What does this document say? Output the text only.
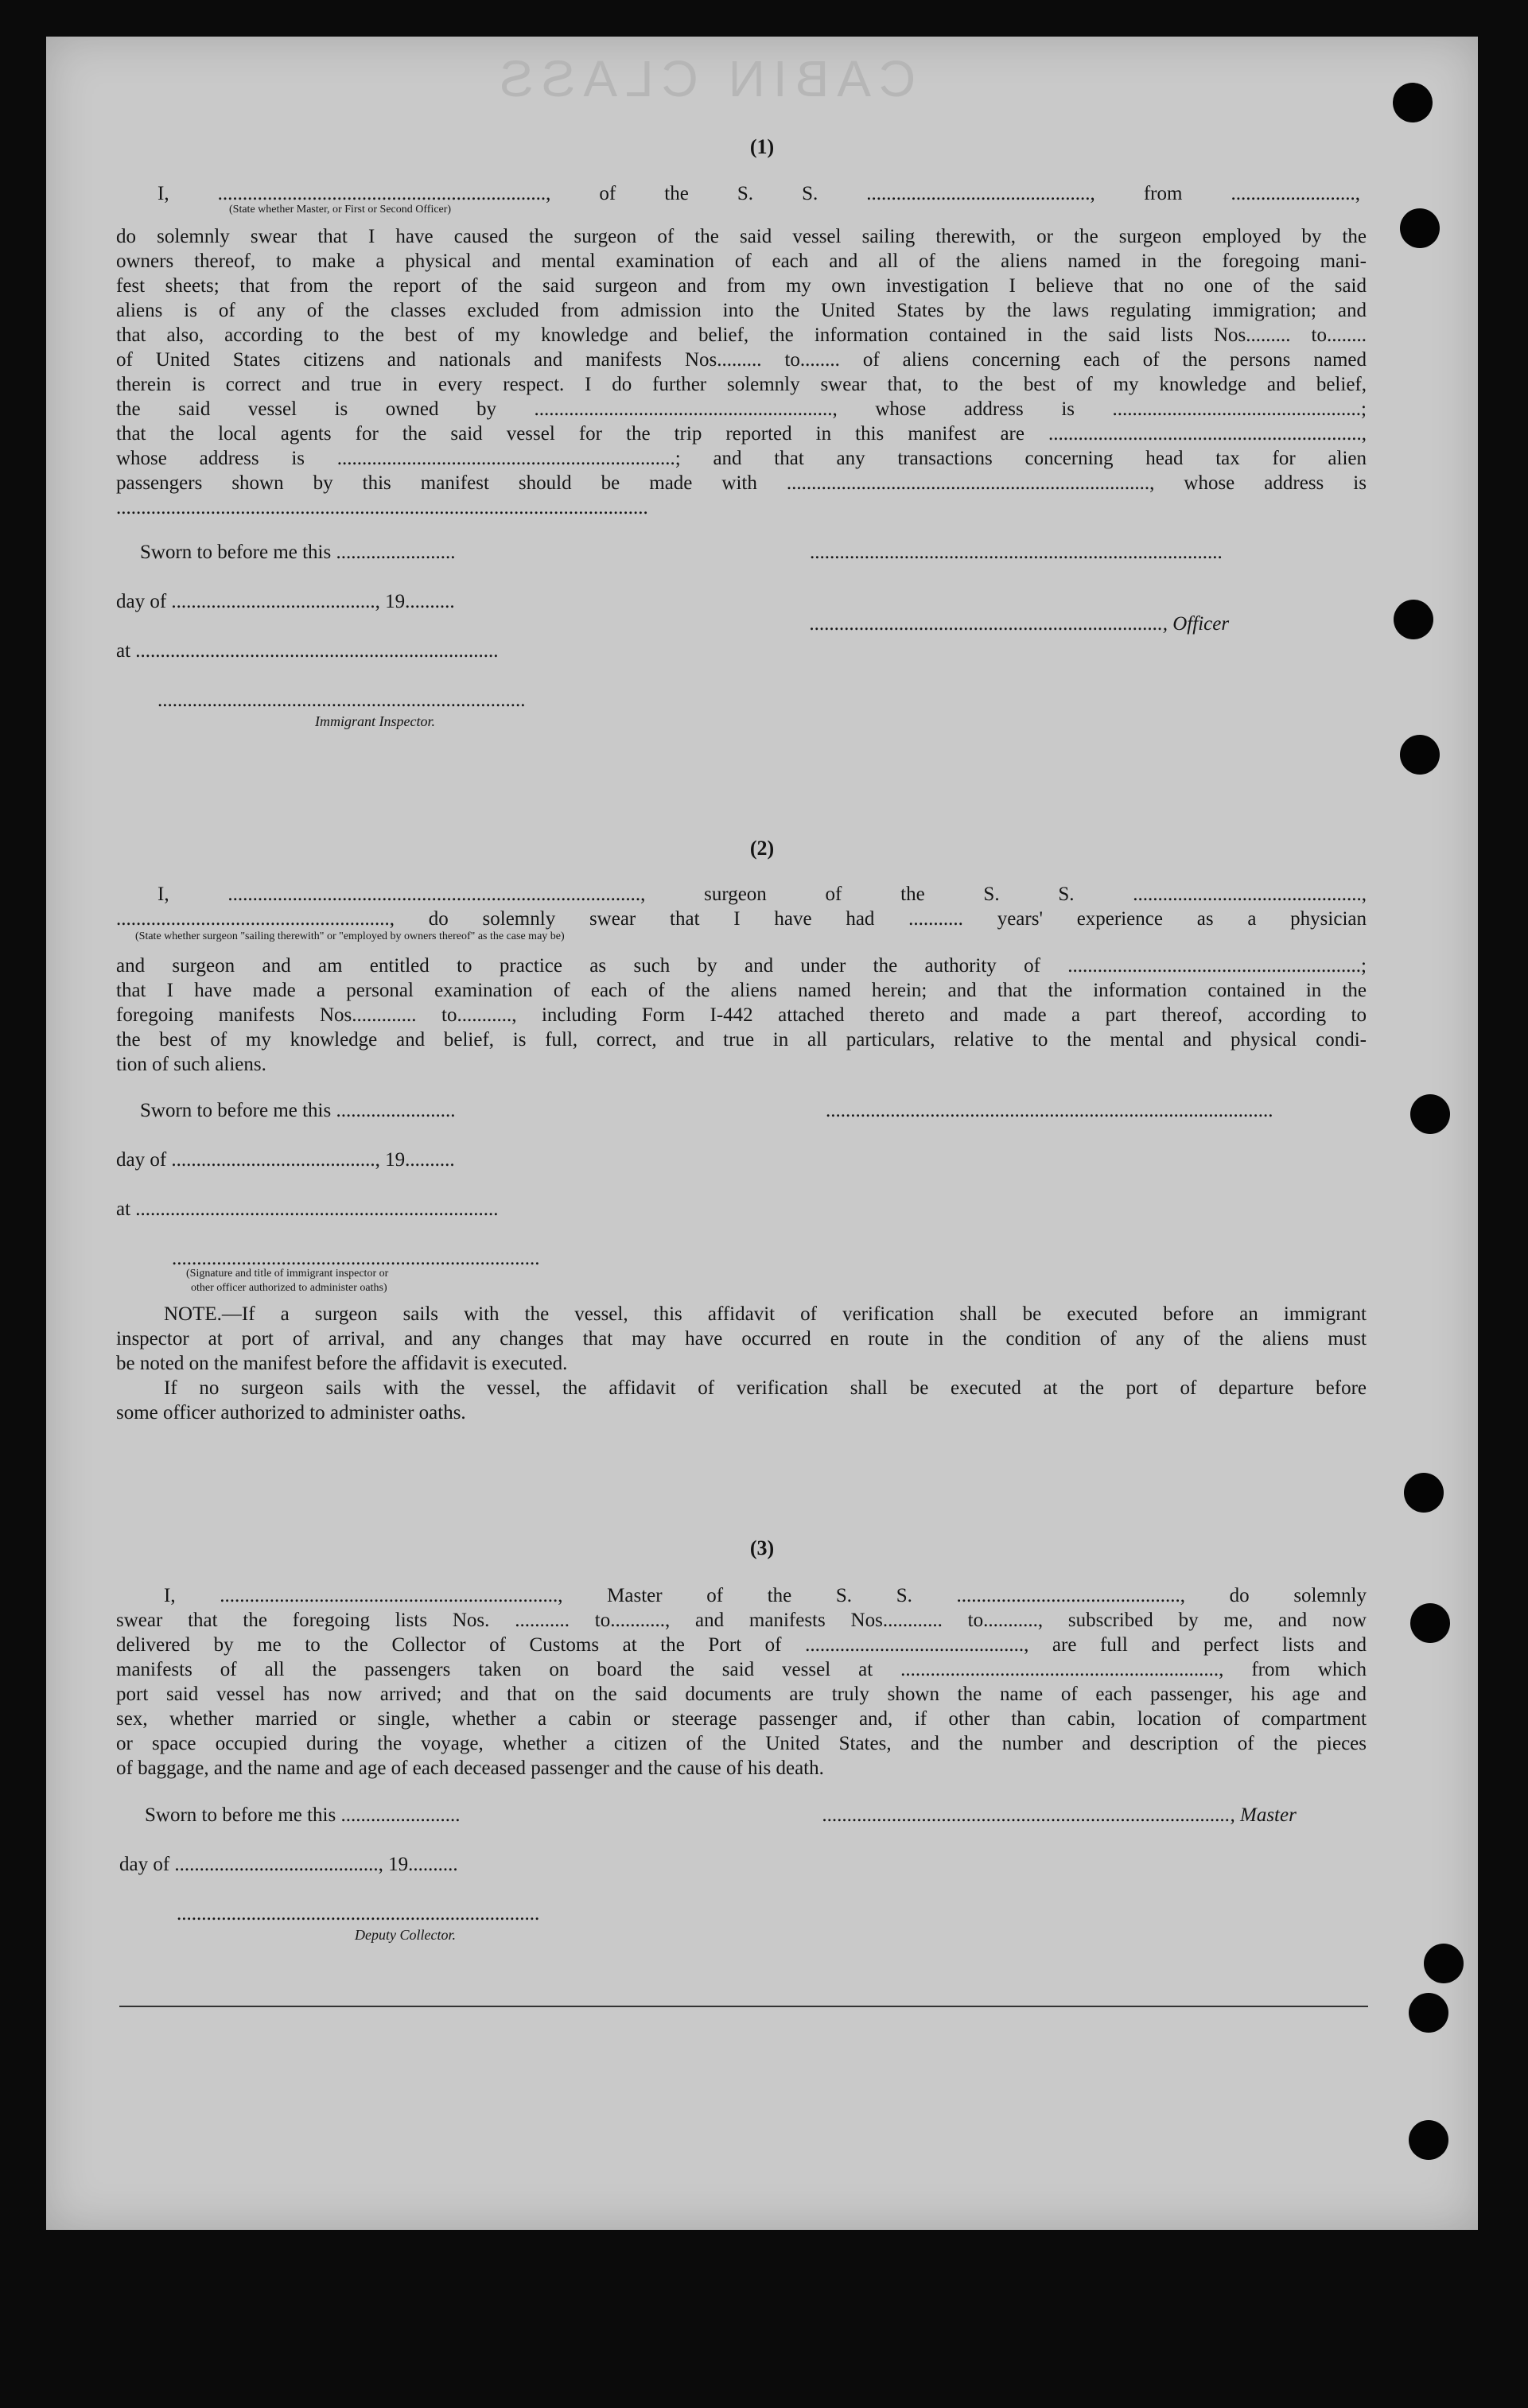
CABIN CLASS
(1)
I, .................................................................., of the S. S. ............................................., from .........................,
(State whether Master, or First or Second Officer)
do solemnly swear that I have caused the surgeon of the said vessel sailing therewith, or the surgeon employed by the
owners thereof, to make a physical and mental examination of each and all of the aliens named in the foregoing mani-
fest sheets; that from the report of the said surgeon and from my own investigation I believe that no one of the said
aliens is of any of the classes excluded from admission into the United States by the laws regulating immigration; and
that also, according to the best of my knowledge and belief, the information contained in the said lists Nos......... to........
of United States citizens and nationals and manifests Nos......... to........ of aliens concerning each of the persons named
therein is correct and true in every respect. I do further solemnly swear that, to the best of my knowledge and belief,
the said vessel is owned by ............................................................, whose address is ..................................................;
that the local agents for the said vessel for the trip reported in this manifest are ...............................................................,
whose address is ....................................................................; and that any transactions concerning head tax for alien
passengers shown by this manifest should be made with ........................................................................., whose address is
...........................................................................................................
Sworn to before me this ........................
day of ........................................., 19..........
at .........................................................................
..........................................................................
Immigrant Inspector.
...................................................................................
......................................................................., Officer
(2)
I, ..................................................................................., surgeon of the S. S. ..............................................,
......................................................., do solemnly swear that I have had ........... years' experience as a physician
(State whether surgeon "sailing therewith" or "employed by owners thereof" as the case may be)
and surgeon and am entitled to practice as such by and under the authority of ...........................................................;
that I have made a personal examination of each of the aliens named herein; and that the information contained in the
foregoing manifests Nos............. to..........., including Form I-442 attached thereto and made a part thereof, according to
the best of my knowledge and belief, is full, correct, and true in all particulars, relative to the mental and physical condi-
tion of such aliens.
Sworn to before me this ........................
day of ........................................., 19..........
at .........................................................................
..........................................................................
(Signature and title of immigrant inspector or
other officer authorized to administer oaths)
..........................................................................................
NOTE.—If a surgeon sails with the vessel, this affidavit of verification shall be executed before an immigrant
inspector at port of arrival, and any changes that may have occurred en route in the condition of any of the aliens must
be noted on the manifest before the affidavit is executed.
If no surgeon sails with the vessel, the affidavit of verification shall be executed at the port of departure before
some officer authorized to administer oaths.
(3)
I, ...................................................................., Master of the S. S. ............................................., do solemnly
swear that the foregoing lists Nos. ........... to..........., and manifests Nos............ to..........., subscribed by me, and now
delivered by me to the Collector of Customs at the Port of ............................................, are full and perfect lists and
manifests of all the passengers taken on board the said vessel at ................................................................, from which
port said vessel has now arrived; and that on the said documents are truly shown the name of each passenger, his age and
sex, whether married or single, whether a cabin or steerage passenger and, if other than cabin, location of compartment
or space occupied during the voyage, whether a citizen of the United States, and the number and description of the pieces
of baggage, and the name and age of each deceased passenger and the cause of his death.
Sworn to before me this ........................	.................................................................................., Master
day of ........................................., 19..........
.........................................................................
Deputy Collector.
